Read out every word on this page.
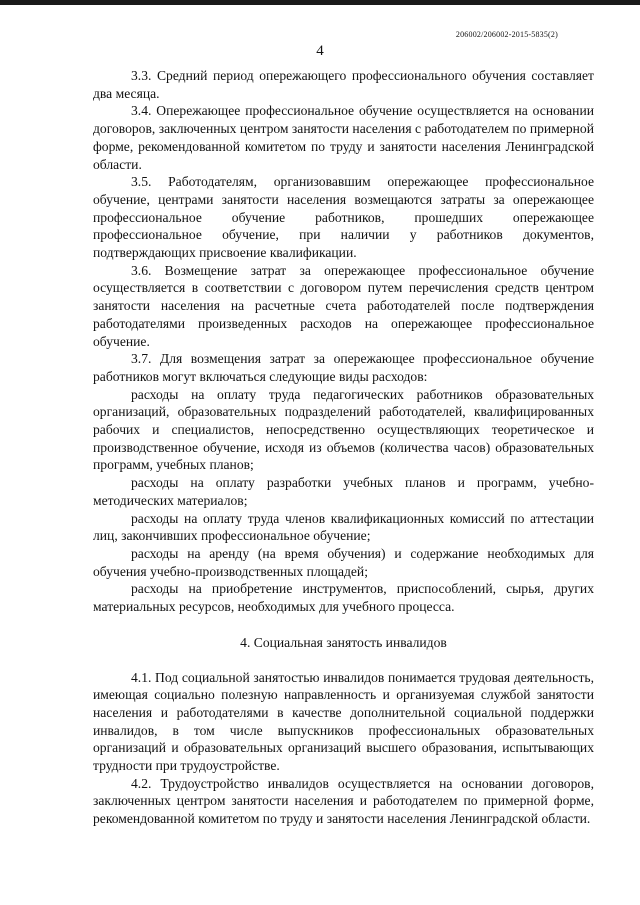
206002/206002-2015-5835(2)
4

3.3. Средний период опережающего профессионального обучения составляет два месяца.

3.4. Опережающее профессиональное обучение осуществляется на основании договоров, заключенных центром занятости населения с работодателем по примерной форме, рекомендованной комитетом по труду и занятости населения Ленинградской области.

3.5. Работодателям, организовавшим опережающее профессиональное обучение, центрами занятости населения возмещаются затраты за опережающее профессиональное обучение работников, прошедших опережающее профессиональное обучение, при наличии у работников документов, подтверждающих присвоение квалификации.

3.6. Возмещение затрат за опережающее профессиональное обучение осуществляется в соответствии с договором путем перечисления средств центром занятости населения на расчетные счета работодателей после подтверждения работодателями произведенных расходов на опережающее профессиональное обучение.

3.7. Для возмещения затрат за опережающее профессиональное обучение работников могут включаться следующие виды расходов:

расходы на оплату труда педагогических работников образовательных организаций, образовательных подразделений работодателей, квалифицированных рабочих и специалистов, непосредственно осуществляющих теоретическое и производственное обучение, исходя из объемов (количества часов) образовательных программ, учебных планов;

расходы на оплату разработки учебных планов и программ, учебно-методических материалов;

расходы на оплату труда членов квалификационных комиссий по аттестации лиц, закончивших профессиональное обучение;

расходы на аренду (на время обучения) и содержание необходимых для обучения учебно-производственных площадей;

расходы на приобретение инструментов, приспособлений, сырья, других материальных ресурсов, необходимых для учебного процесса.

4. Социальная занятость инвалидов

4.1. Под социальной занятостью инвалидов понимается трудовая деятельность, имеющая социально полезную направленность и организуемая службой занятости населения и работодателями в качестве дополнительной социальной поддержки инвалидов, в том числе выпускников профессиональных образовательных организаций и образовательных организаций высшего образования, испытывающих трудности при трудоустройстве.

4.2. Трудоустройство инвалидов осуществляется на основании договоров, заключенных центром занятости населения и работодателем по примерной форме, рекомендованной комитетом по труду и занятости населения Ленинградской области.
